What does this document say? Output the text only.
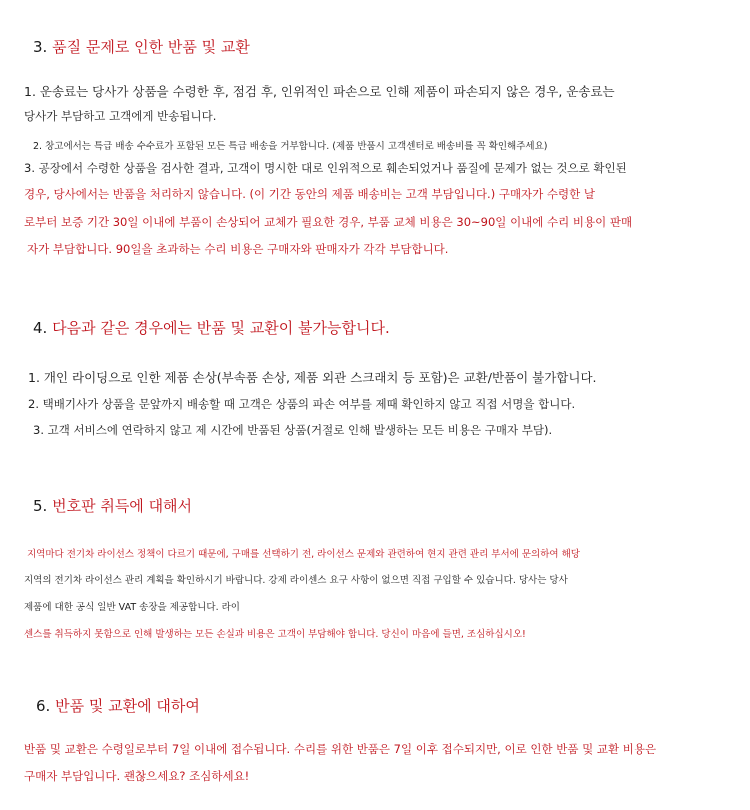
3. 품질 문제로 인한 반품 및 교환
1. 운송료는 당사가 상품을 수령한 후, 점검 후, 인위적인 파손으로 인해 제품이 파손되지 않은 경우, 운송료는
당사가 부담하고 고객에게 반송됩니다.
2. 창고에서는 특급 배송 수수료가 포함된 모든 특급 배송을 거부합니다. (제품 반품시 고객센터로 배송비를 꼭 확인해주세요)
3. 공장에서 수령한 상품을 검사한 결과, 고객이 명시한 대로 인위적으로 훼손되었거나 품질에 문제가 없는 것으로 확인된
경우, 당사에서는 반품을 처리하지 않습니다. (이 기간 동안의 제품 배송비는 고객 부담입니다.) 구매자가 수령한 날
로부터 보증 기간 30일 이내에 부품이 손상되어 교체가 필요한 경우, 부품 교체 비용은 30~90일 이내에 수리 비용이 판매
자가 부담합니다. 90일을 초과하는 수리 비용은 구매자와 판매자가 각각 부담합니다.
4. 다음과 같은 경우에는 반품 및 교환이 불가능합니다.
1. 개인 라이딩으로 인한 제품 손상(부속품 손상, 제품 외관 스크래치 등 포함)은 교환/반품이 불가합니다.
2. 택배기사가 상품을 문앞까지 배송할 때 고객은 상품의 파손 여부를 제때 확인하지 않고 직접 서명을 합니다.
3. 고객 서비스에 연락하지 않고 제 시간에 반품된 상품(거절로 인해 발생하는 모든 비용은 구매자 부담).
5. 번호판 취득에 대해서
지역마다 전기차 라이선스 정책이 다르기 때문에, 구매를 선택하기 전, 라이선스 문제와 관련하여 현지 관련 관리 부서에 문의하여 해당
지역의 전기차 라이선스 관리 계획을 확인하시기 바랍니다. 강제 라이센스 요구 사항이 없으면 직접 구입할 수 있습니다. 당사는 당사
제품에 대한 공식 일반 VAT 송장을 제공합니다. 라이
센스를 취득하지 못함으로 인해 발생하는 모든 손실과 비용은 고객이 부담해야 합니다. 당신이 마음에 들면, 조심하십시오!
6. 반품 및 교환에 대하여
반품 및 교환은 수령일로부터 7일 이내에 접수됩니다. 수리를 위한 반품은 7일 이후 접수되지만, 이로 인한 반품 및 교환 비용은
구매자 부담입니다. 괜찮으세요? 조심하세요!
